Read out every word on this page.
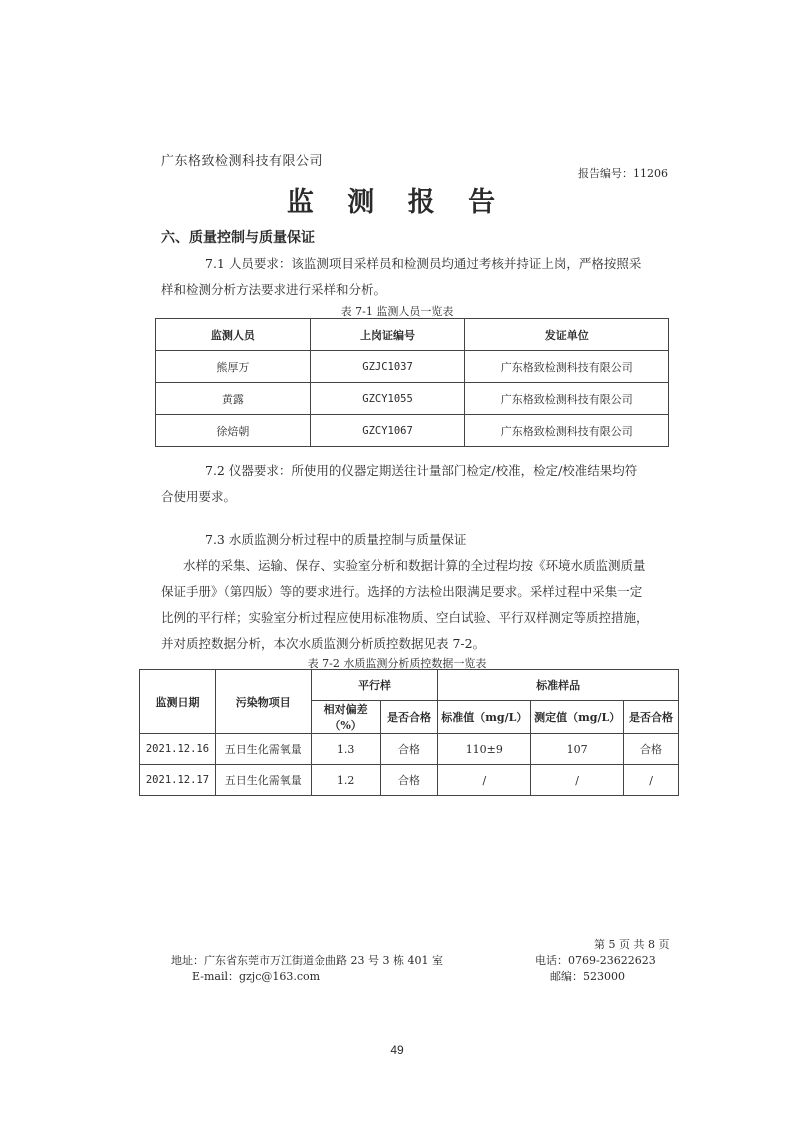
广东格致检测科技有限公司
报告编号：11206
监 测 报 告
六、质量控制与质量保证
7.1 人员要求：该监测项目采样员和检测员均通过考核并持证上岗，严格按照采
样和检测分析方法要求进行采样和分析。
表 7-1 监测人员一览表
监测人员	上岗证编号	发证单位
熊厚万	GZJC1037	广东格致检测科技有限公司
黄露	GZCY1055	广东格致检测科技有限公司
徐焙朝	GZCY1067	广东格致检测科技有限公司
7.2 仪器要求：所使用的仪器定期送往计量部门检定/校准，检定/校准结果均符
合使用要求。
7.3 水质监测分析过程中的质量控制与质量保证
水样的采集、运输、保存、实验室分析和数据计算的全过程均按《环境水质监测质量
保证手册》（第四版）等的要求进行。选择的方法检出限满足要求。采样过程中采集一定
比例的平行样；实验室分析过程应使用标准物质、空白试验、平行双样测定等质控措施，
并对质控数据分析，本次水质监测分析质控数据见表 7-2。
表 7-2 水质监测分析质控数据一览表
监测日期	污染物项目	平行样		标准样品		
		相对偏差（%）	是否合格	标准值（mg/L）	测定值（mg/L）	是否合格
2021.12.16	五日生化需氧量	1.3	合格	110±9	107	合格
2021.12.17	五日生化需氧量	1.2	合格	/	/	/
第 5 页 共 8 页
地址：广东省东莞市万江街道金曲路 23 号 3 栋 401 室	电话：0769-23622623
E-mail：gzjc@163.com	邮编：523000
49
